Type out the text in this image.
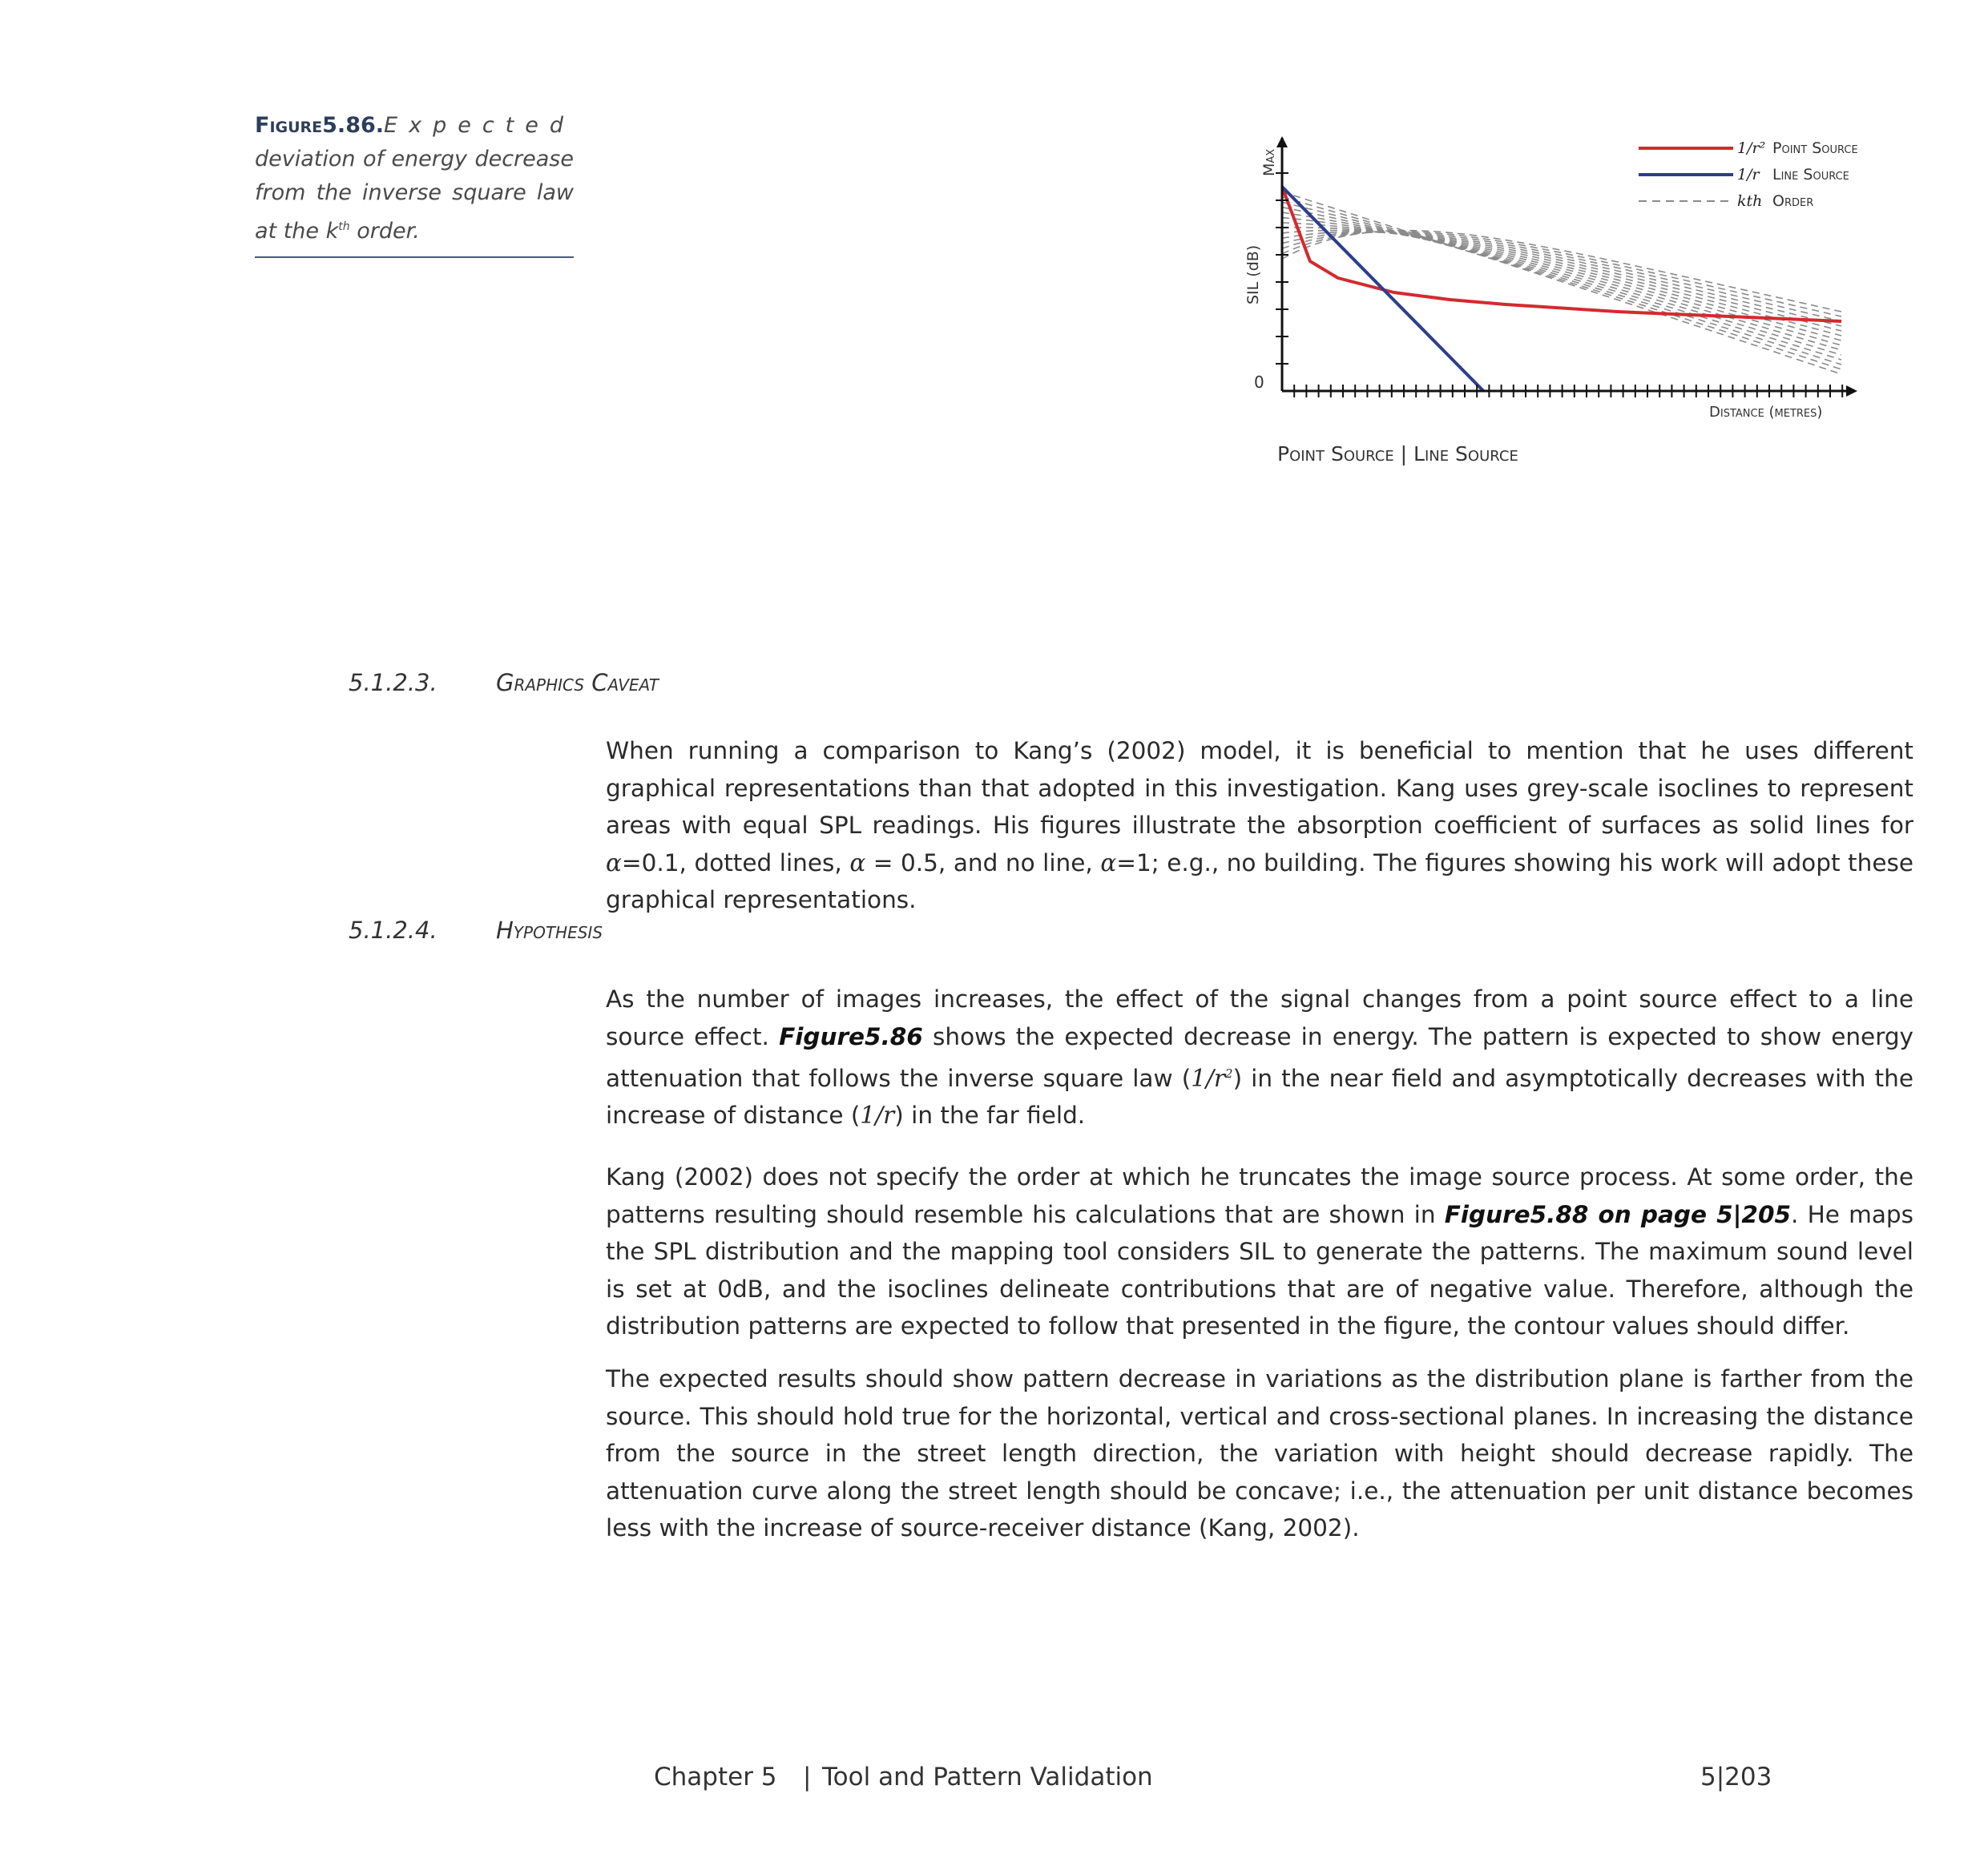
Figure5.86.Expected deviation of energy decrease from the inverse square law at the $k^{th}$ order.
Max
SIL (dB)
0
Distance (metres)
1/r² Point Source
1/r Line Source
kth Order
Point Source | Line Source
5.1.2.3.	Graphics Caveat
When running a comparison to Kang’s (2002) model, it is beneficial to mention that he uses different graphical representations than that adopted in this investigation. Kang uses grey-scale isoclines to represent areas with equal SPL readings. His figures illustrate the absorption coefficient of surfaces as solid lines for α=0.1, dotted lines, α = 0.5, and no line, α=1; e.g., no building. The figures showing his work will adopt these graphical representations.
5.1.2.4.	Hypothesis
As the number of images increases, the effect of the signal changes from a point source effect to a line source effect. Figure5.86 shows the expected decrease in energy. The pattern is expected to show energy attenuation that follows the inverse square law $(1/r^2)$ in the near field and asymptotically decreases with the increase of distance (1/r) in the far field.
Kang (2002) does not specify the order at which he truncates the image source process. At some order, the patterns resulting should resemble his calculations that are shown in Figure5.88 on page 5|205. He maps the SPL distribution and the mapping tool considers SIL to generate the patterns. The maximum sound level is set at 0dB, and the isoclines delineate contributions that are of negative value. Therefore, although the distribution patterns are expected to follow that presented in the figure, the contour values should differ.
The expected results should show pattern decrease in variations as the distribution plane is farther from the source. This should hold true for the horizontal, vertical and cross-sectional planes. In increasing the distance from the source in the street length direction, the variation with height should decrease rapidly. The attenuation curve along the street length should be concave; i.e., the attenuation per unit distance becomes less with the increase of source-receiver distance (Kang, 2002).
Chapter 5 | Tool and Pattern Validation	5|203
